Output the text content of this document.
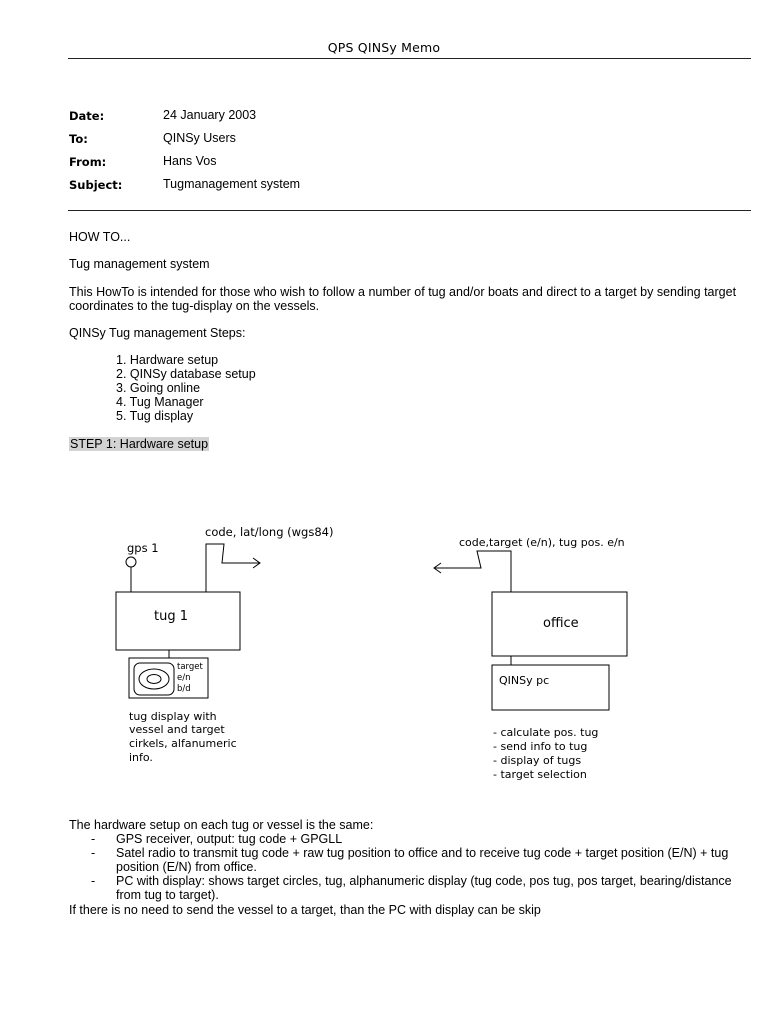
QPS QINSy Memo
Date:	24 January 2003
To:	QINSy Users
From:	Hans Vos
Subject:	Tugmanagement system
HOW TO...
Tug management system
This HowTo is intended for those who wish to follow a number of tug and/or boats and direct to a target by sending target coordinates to the tug-display on the vessels.
QINSy Tug management Steps:
1. Hardware setup
2. QINSy database setup
3. Going online
4. Tug Manager
5. Tug display
STEP 1: Hardware setup
gps 1
code, lat/long (wgs84)
tug 1
target
e/n
b/d
tug display with
vessel and target
cirkels, alfanumeric
info.
code,target (e/n), tug pos. e/n
office
QINSy pc
- calculate pos. tug
- send info to tug
- display of tugs
- target selection
The hardware setup on each tug or vessel is the same:
- GPS receiver, output: tug code + GPGLL
- Satel radio to transmit tug code + raw tug position to office and to receive tug code + target position (E/N) + tug position (E/N) from office.
- PC with display: shows target circles, tug, alphanumeric display (tug code, pos tug, pos target, bearing/distance from tug to target).
If there is no need to send the vessel to a target, than the PC with display can be skip
